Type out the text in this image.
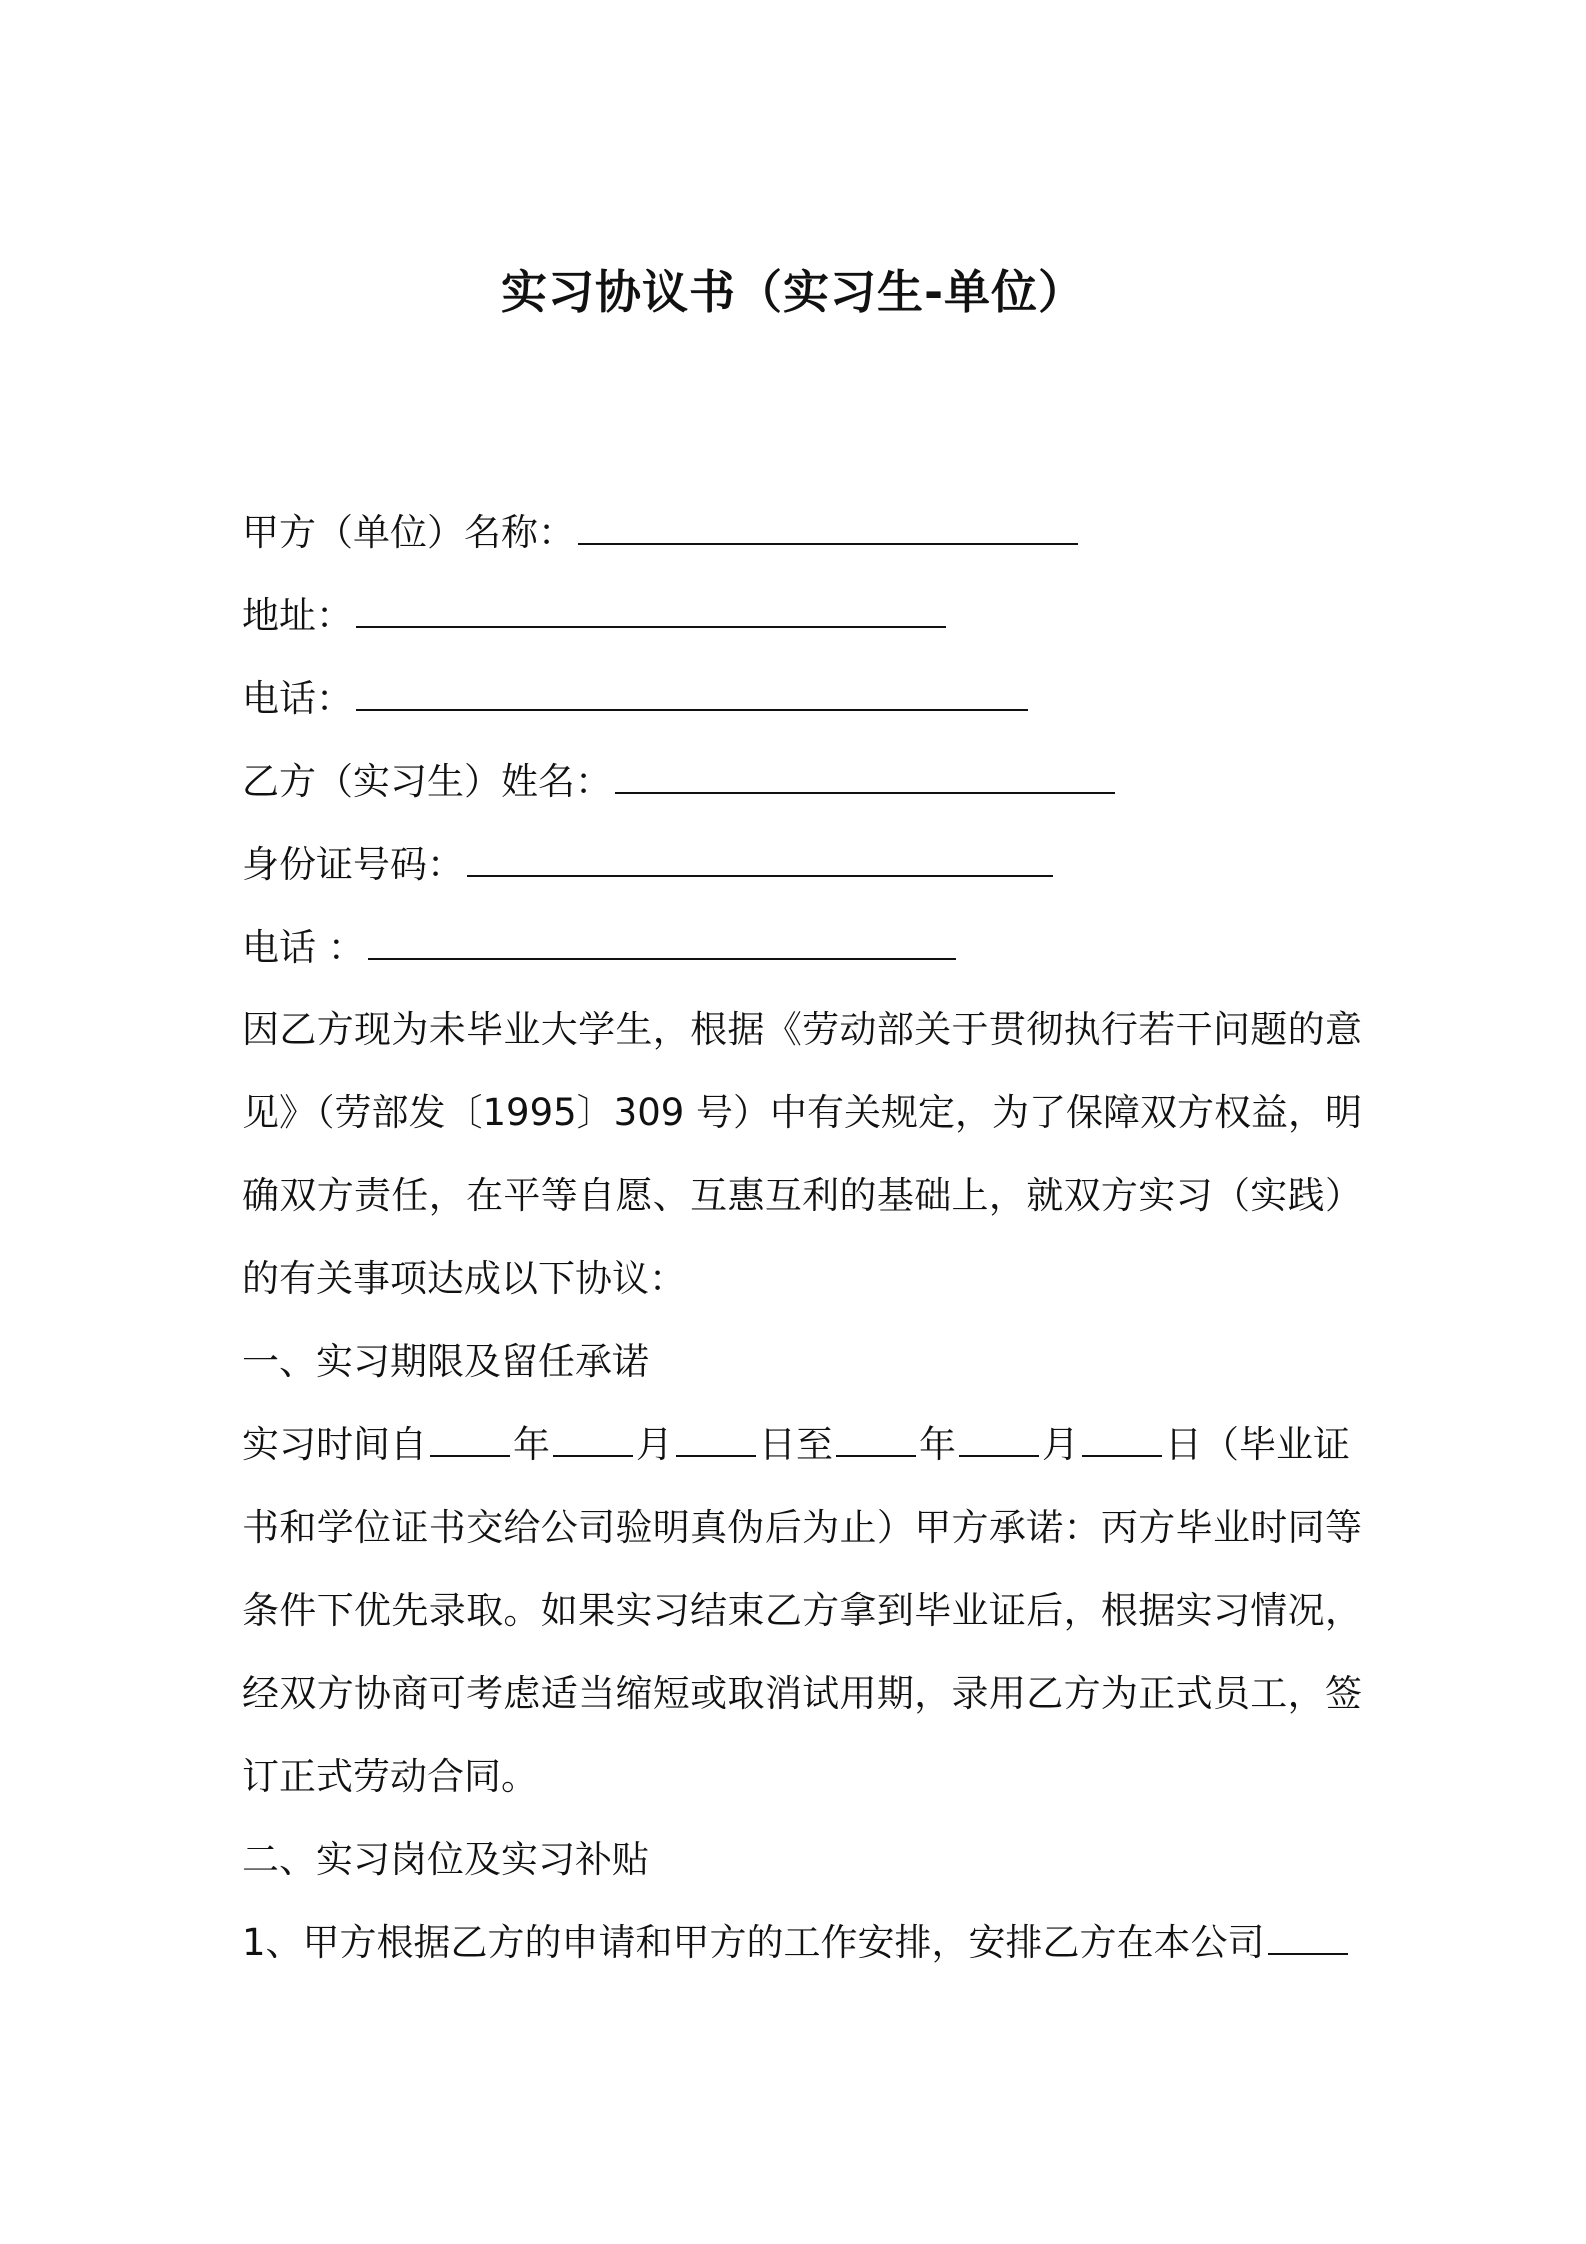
实习协议书（实习生-单位）
甲方（单位）名称：
地址：
电话：
乙方（实习生）姓名：
身份证号码：
电话 ：
因乙方现为未毕业大学生，根据《劳动部关于贯彻执行若干问题的意
见》（劳部发〔1995〕309 号）中有关规定，为了保障双方权益，明
确双方责任，在平等自愿、互惠互利的基础上，就双方实习（实践）
的有关事项达成以下协议：
一、实习期限及留任承诺
实习时间自 年 月 日至 年 月 日（毕业证
书和学位证书交给公司验明真伪后为止）甲方承诺：丙方毕业时同等
条件下优先录取。如果实习结束乙方拿到毕业证后，根据实习情况，
经双方协商可考虑适当缩短或取消试用期，录用乙方为正式员工，签
订正式劳动合同。
二、实习岗位及实习补贴
1、甲方根据乙方的申请和甲方的工作安排，安排乙方在本公司
